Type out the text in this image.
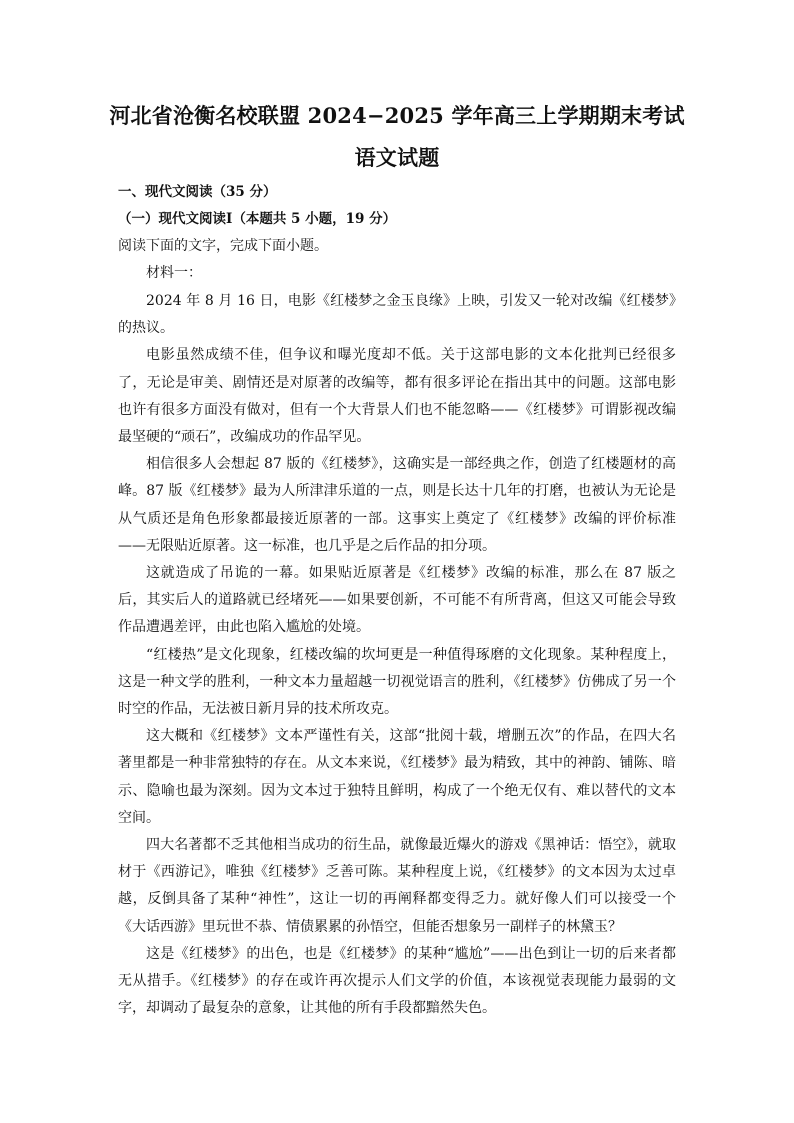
河北省沧衡名校联盟 2024−2025 学年高三上学期期末考试
语文试题
一、现代文阅读（35 分）
（一）现代文阅读Ⅰ（本题共 5 小题，19 分）
阅读下面的文字，完成下面小题。
材料一：

2024 年 8 月 16 日，电影《红楼梦之金玉良缘》上映，引发又一轮对改编《红楼梦》的热议。

电影虽然成绩不佳，但争议和曝光度却不低。关于这部电影的文本化批判已经很多了，无论是审美、剧情还是对原著的改编等，都有很多评论在指出其中的问题。这部电影也许有很多方面没有做对，但有一个大背景人们也不能忽略——《红楼梦》可谓影视改编最坚硬的“顽石”，改编成功的作品罕见。

相信很多人会想起 87 版的《红楼梦》，这确实是一部经典之作，创造了红楼题材的高峰。87 版《红楼梦》最为人所津津乐道的一点，则是长达十几年的打磨，也被认为无论是从气质还是角色形象都最接近原著的一部。这事实上奠定了《红楼梦》改编的评价标准——无限贴近原著。这一标准，也几乎是之后作品的扣分项。

这就造成了吊诡的一幕。如果贴近原著是《红楼梦》改编的标准，那么在 87 版之后，其实后人的道路就已经堵死——如果要创新，不可能不有所背离，但这又可能会导致作品遭遇差评，由此也陷入尴尬的处境。

“红楼热”是文化现象，红楼改编的坎坷更是一种值得琢磨的文化现象。某种程度上，这是一种文学的胜利，一种文本力量超越一切视觉语言的胜利，《红楼梦》仿佛成了另一个时空的作品，无法被日新月异的技术所攻克。

这大概和《红楼梦》文本严谨性有关，这部“批阅十载，增删五次”的作品，在四大名著里都是一种非常独特的存在。从文本来说，《红楼梦》最为精致，其中的神韵、铺陈、暗示、隐喻也最为深刻。因为文本过于独特且鲜明，构成了一个绝无仅有、难以替代的文本空间。

四大名著都不乏其他相当成功的衍生品，就像最近爆火的游戏《黑神话：悟空》，就取材于《西游记》，唯独《红楼梦》乏善可陈。某种程度上说，《红楼梦》的文本因为太过卓越，反倒具备了某种“神性”，这让一切的再阐释都变得乏力。就好像人们可以接受一个《大话西游》里玩世不恭、情债累累的孙悟空，但能否想象另一副样子的林黛玉？

这是《红楼梦》的出色，也是《红楼梦》的某种“尴尬”——出色到让一切的后来者都无从措手。《红楼梦》的存在或许再次提示人们文学的价值，本该视觉表现能力最弱的文字，却调动了最复杂的意象，让其他的所有手段都黯然失色。
